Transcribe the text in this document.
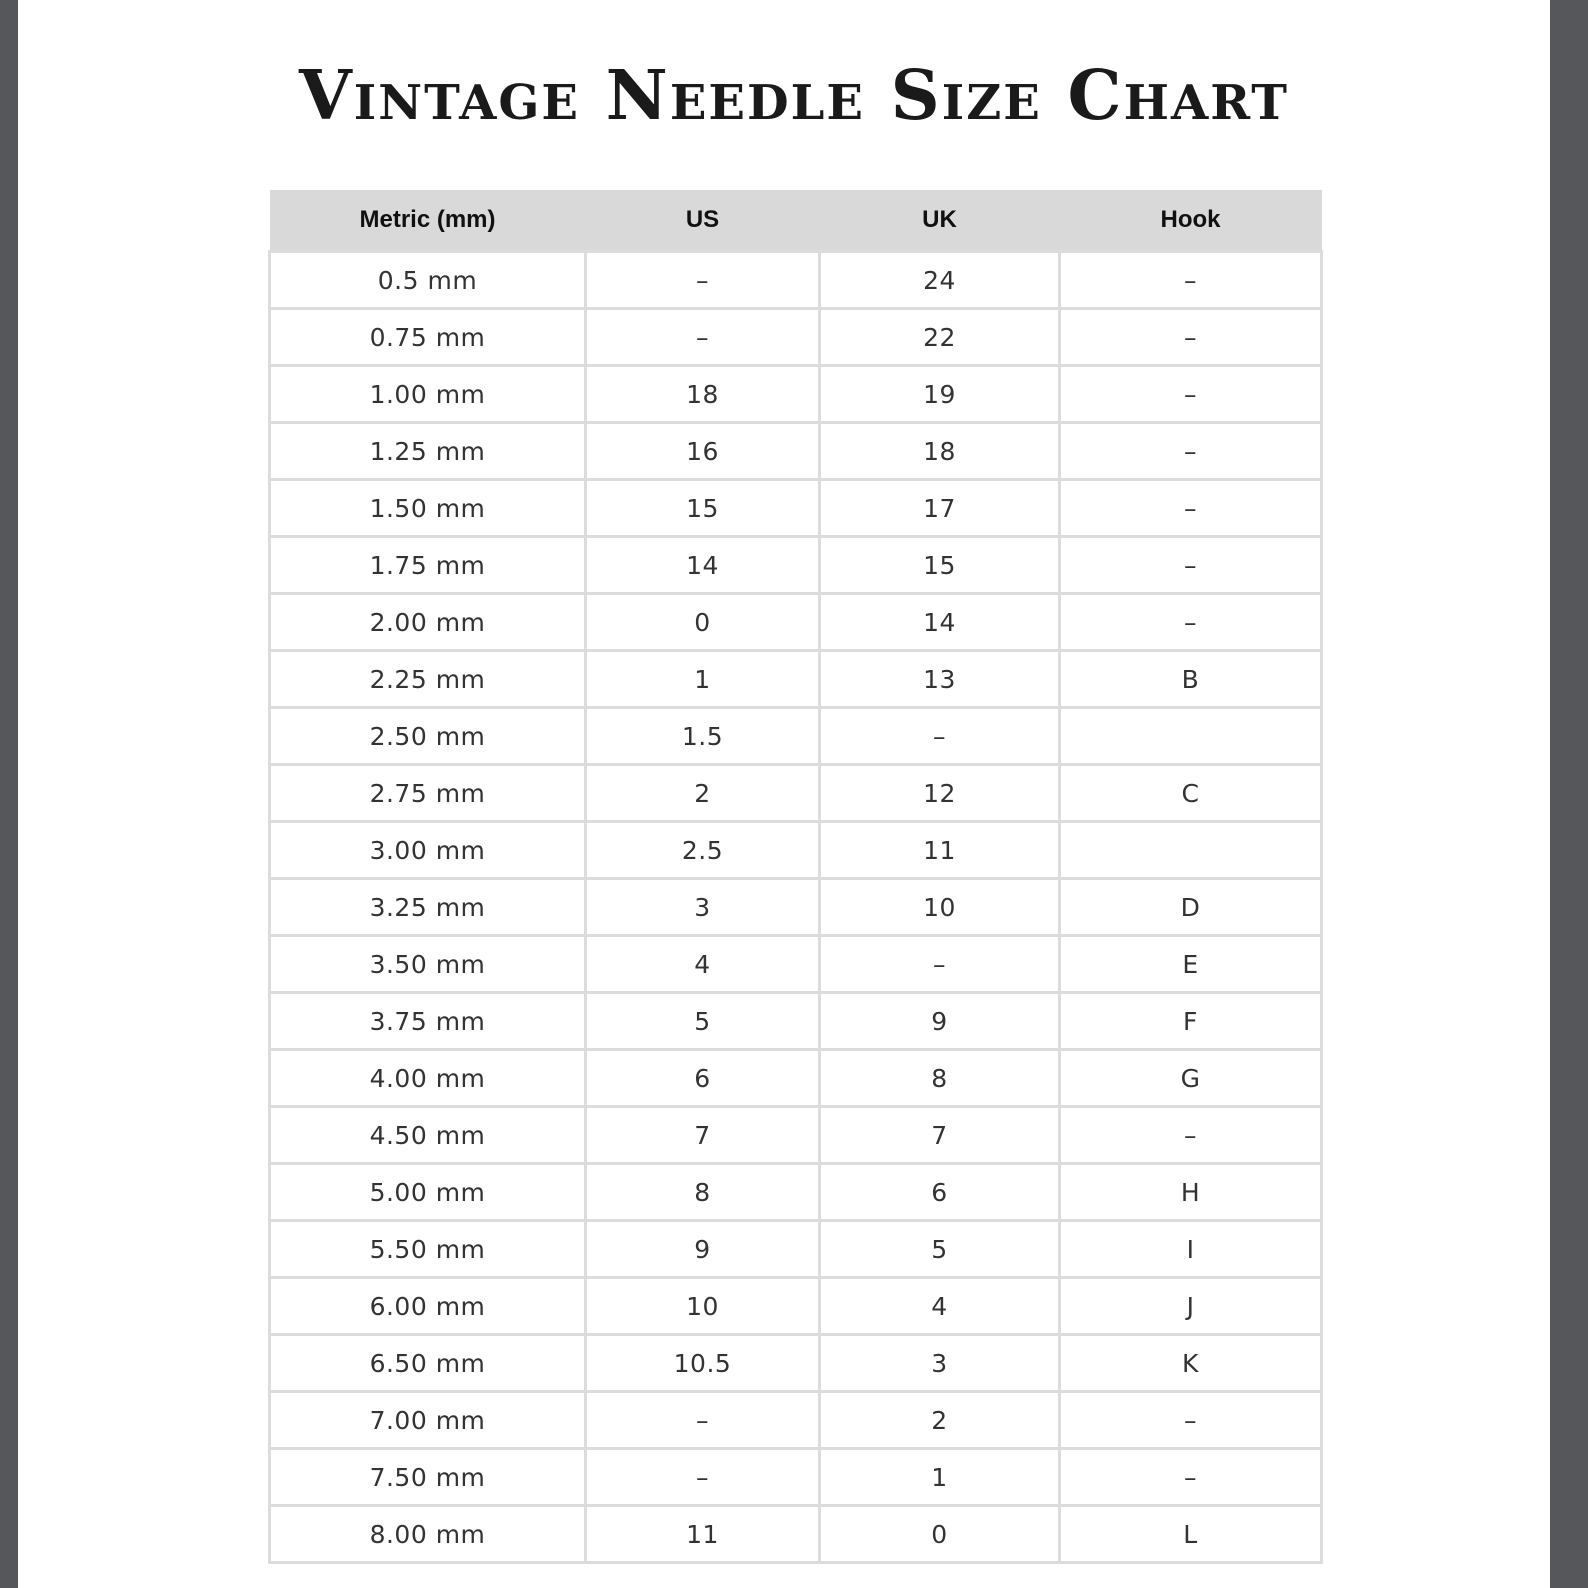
Vintage Needle Size Chart
Metric (mm)	US	UK	Hook
0.5 mm	–	24	–
0.75 mm	–	22	–
1.00 mm	18	19	–
1.25 mm	16	18	–
1.50 mm	15	17	–
1.75 mm	14	15	–
2.00 mm	0	14	–
2.25 mm	1	13	B
2.50 mm	1.5	–	
2.75 mm	2	12	C
3.00 mm	2.5	11	
3.25 mm	3	10	D
3.50 mm	4	–	E
3.75 mm	5	9	F
4.00 mm	6	8	G
4.50 mm	7	7	–
5.00 mm	8	6	H
5.50 mm	9	5	I
6.00 mm	10	4	J
6.50 mm	10.5	3	K
7.00 mm	–	2	–
7.50 mm	–	1	–
8.00 mm	11	0	L
